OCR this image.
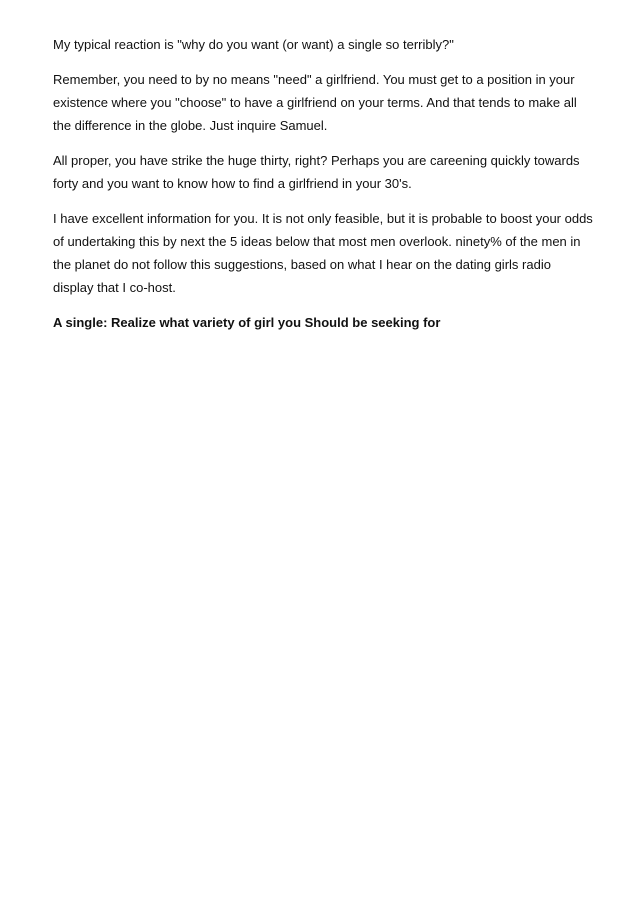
My typical reaction is "why do you want (or want) a single so terribly?"

Remember, you need to by no means "need" a girlfriend. You must get to a position in your existence where you "choose" to have a girlfriend on your terms. And that tends to make all the difference in the globe. Just inquire Samuel.

All proper, you have strike the huge thirty, right? Perhaps you are careening quickly towards forty and you want to know how to find a girlfriend in your 30's.

I have excellent information for you. It is not only feasible, but it is probable to boost your odds of undertaking this by next the 5 ideas below that most men overlook. ninety% of the men in the planet do not follow this suggestions, based on what I hear on the dating girls radio display that I co-host.

A single: Realize what variety of girl you Should be seeking for
